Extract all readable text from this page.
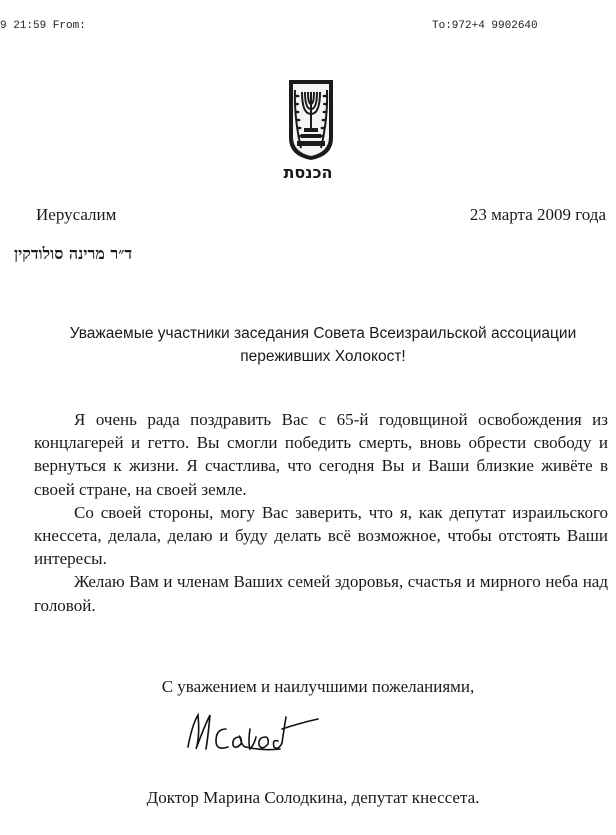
9 21:59 From:	To:972+4 9902640
הכנסת
Иерусалим	23 марта 2009 года
ד״ר מרינה סולודקין
Уважаемые участники заседания Совета Всеизраильской ассоциации
переживших Холокост!

Я очень рада поздравить Вас с 65-й годовщиной освобождения из концлагерей и гетто. Вы смогли победить смерть, вновь обрести свободу и вернуться к жизни. Я счастлива, что сегодня Вы и Ваши близкие живёте в своей стране, на своей земле.

Со своей стороны, могу Вас заверить, что я, как депутат израильского кнессета, делала, делаю и буду делать всё возможное, чтобы отстоять Ваши интересы.

Желаю Вам и членам Ваших семей здоровья, счастья и мирного неба над головой.

С уважением и наилучшими пожеланиями,
Доктор Марина Солодкина, депутат кнессета.
